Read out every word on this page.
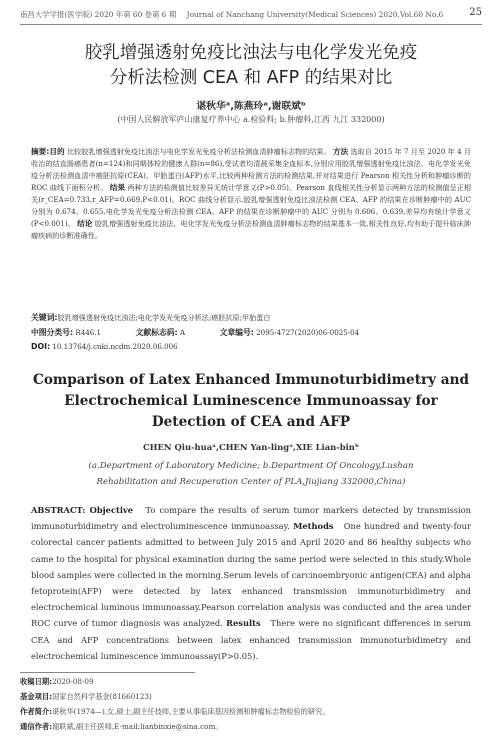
南昌大学学报(医学版) 2020 年第 60 卷第 6 期 Journal of Nanchang University(Medical Sciences) 2020,Vol.60 No.6	25
胶乳增强透射免疫比浊法与电化学发光免疫
分析法检测 CEA 和 AFP 的结果对比
谌秋华ᵃ,陈燕玲ᵃ,谢联斌ᵇ
(中国人民解放军庐山康复疗养中心 a.检验科; b.肿瘤科,江西 九江 332000)
摘要:目的 比较胶乳增强透射免疫比浊法与电化学发光免疫分析法检测血清肿瘤标志物的结果。 方法 选取自 2015 年 7 月至 2020 年 4 月收治的结直肠癌患者(n=124)和同期体检的健康人群(n=86),受试者均清晨采集全血标本,分别应用胶乳增强透射免疫比浊法、电化学发光免疫分析法检测血清中癌胚抗原(CEA)、甲胎蛋白(AFP)水平,比较两种检测方法的检测结果,并对结果进行 Pearson 相关性分析和肿瘤诊断的 ROC 曲线下面积分析。 结果 两种方法的检测值比较差异无统计学意义(P>0.05)。Pearson 直线相关性分析显示两种方法的检测值呈正相关(r_CEA=0.733,r_AFP=0.669,P<0.01)。ROC 曲线分析显示,胶乳增强透射免疫比浊法检测 CEA、AFP 的结果在诊断肿瘤中的 AUC 分别为 0.674、0.655,电化学发光免疫分析法检测 CEA、AFP 的结果在诊断肿瘤中的 AUC 分别为 0.606、0.639,差异均有统计学意义(P<0.001)。 结论 胶乳增强透射免疫比浊法、电化学发光免疫分析法检测血清肿瘤标志物的结果基本一致,相关性良好,均有助于提升临床肿瘤疾病的诊断准确性。
关键词:胶乳增强透射免疫比浊法;电化学发光免疫分析法;癌胚抗原;甲胎蛋白
中图分类号: R446.1	文献标志码: A	文章编号: 2095-4727(2020)06-0025-04
DOI: 10.13764/j.cnki.ncdm.2020.06.006
Comparison of Latex Enhanced Immunoturbidimetry and
Electrochemical Luminescence Immunoassay for
Detection of CEA and AFP
CHEN Qiu-huaᵃ,CHEN Yan-lingᵃ,XIE Lian-binᵇ
(a.Department of Laboratory Medicine; b.Department Of Oncology,Lushan
Rehabilitation and Recuperation Center of PLA,Jiujiang 332000,China)
ABSTRACT: Objective To compare the results of serum tumor markers detected by transmission immunoturbidimetry and electroluminescence immunoassay. Methods One hundred and twenty-four colorectal cancer patients admitted to between July 2015 and April 2020 and 86 healthy subjects who came to the hospital for physical examination during the same period were selected in this study.Whole blood samples were collected in the morning.Serum levels of carcinoembryonic antigen(CEA) and alpha fetoprotein(AFP) were detected by latex enhanced transmission immunoturbidimetry and electrochemical luminous immunoassay.Pearson correlation analysis was conducted and the area under ROC curve of tumor diagnosis was analyzed. Results There were no significant differences in serum CEA and AFP concentrations between latex enhanced transmission immunoturbidimetry and electrochemical luminescence immunoassay(P>0.05).
收稿日期:2020-08-09
基金项目:国家自然科学基金(81660123)
作者简介:谌秋华(1974—),女,硕士,副主任技师,主要从事临床基因检测和肿瘤标志物检验的研究。
通信作者:谢联斌,副主任医师,E-mail:lianbinxie@sina.com。
